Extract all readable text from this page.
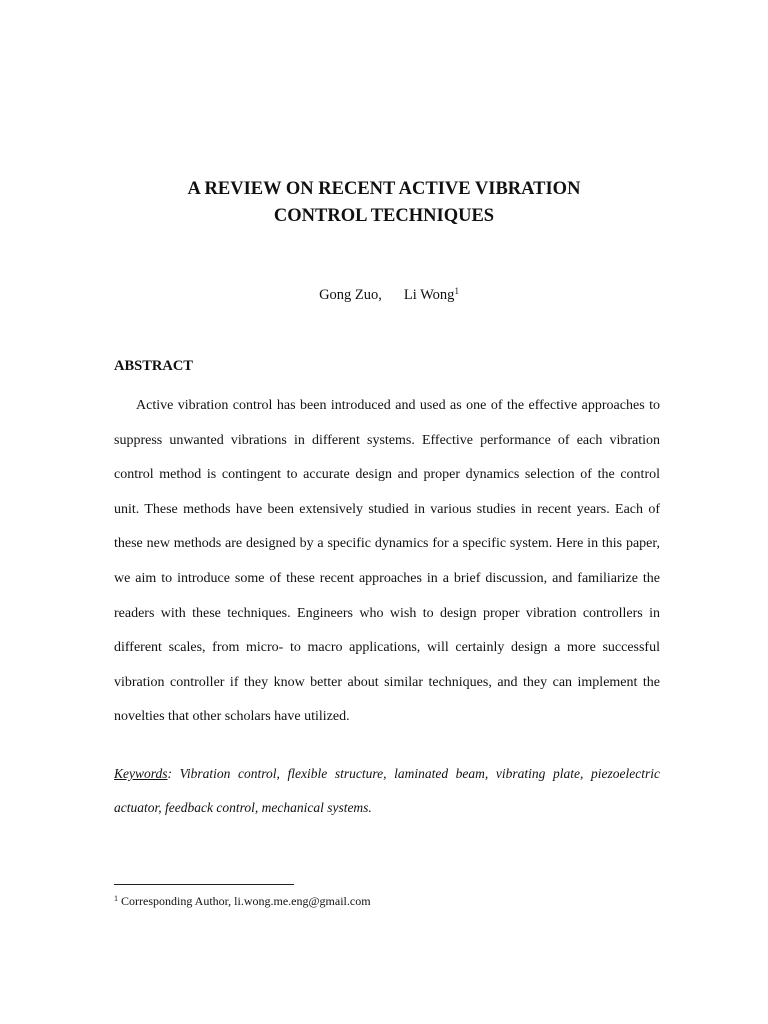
A REVIEW ON RECENT ACTIVE VIBRATION
CONTROL TECHNIQUES
Gong Zuo, Li Wong$^1$
ABSTRACT

Active vibration control has been introduced and used as one of the effective approaches to suppress unwanted vibrations in different systems. Effective performance of each vibration control method is contingent to accurate design and proper dynamics selection of the control unit. These methods have been extensively studied in various studies in recent years. Each of these new methods are designed by a specific dynamics for a specific system. Here in this paper, we aim to introduce some of these recent approaches in a brief discussion, and familiarize the readers with these techniques. Engineers who wish to design proper vibration controllers in different scales, from micro- to macro applications, will certainly design a more successful vibration controller if they know better about similar techniques, and they can implement the novelties that other scholars have utilized.

Keywords: Vibration control, flexible structure, laminated beam, vibrating plate, piezoelectric actuator, feedback control, mechanical systems.

$^1$ Corresponding Author, li.wong.me.eng@gmail.com
